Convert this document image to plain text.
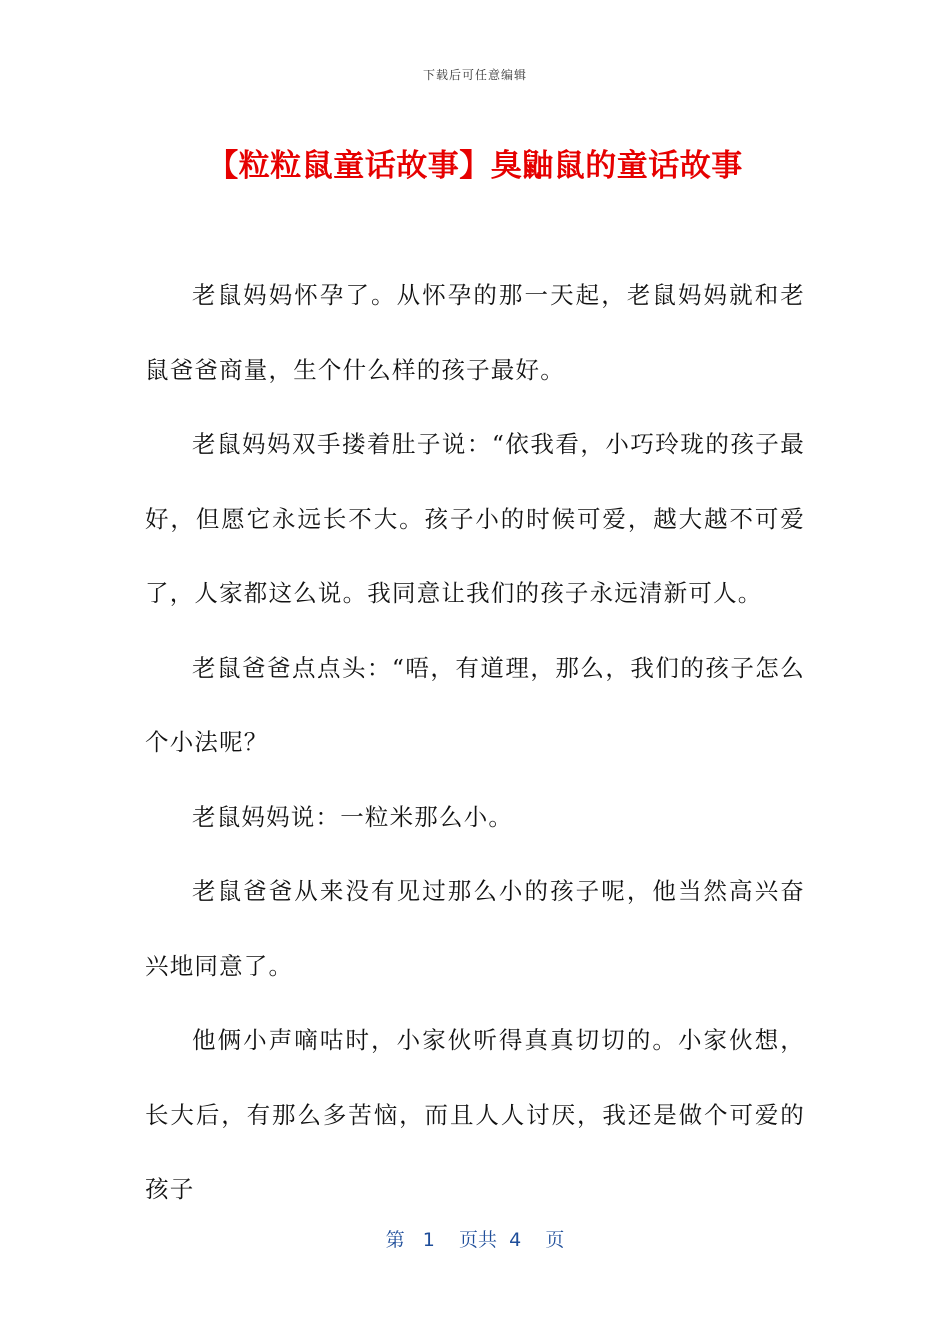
下载后可任意编辑
【粒粒鼠童话故事】臭鼬鼠的童话故事

老鼠妈妈怀孕了。从怀孕的那一天起，老鼠妈妈就和老鼠爸爸商量，生个什么样的孩子最好。

老鼠妈妈双手搂着肚子说：“依我看，小巧玲珑的孩子最好，但愿它永远长不大。孩子小的时候可爱，越大越不可爱了，人家都这么说。我同意让我们的孩子永远清新可人。

老鼠爸爸点点头：“唔，有道理，那么，我们的孩子怎么个小法呢？

老鼠妈妈说：一粒米那么小。

老鼠爸爸从来没有见过那么小的孩子呢，他当然高兴奋兴地同意了。

他俩小声嘀咕时，小家伙听得真真切切的。小家伙想，长大后，有那么多苦恼，而且人人讨厌，我还是做个可爱的孩子

第 1 页共 4 页
